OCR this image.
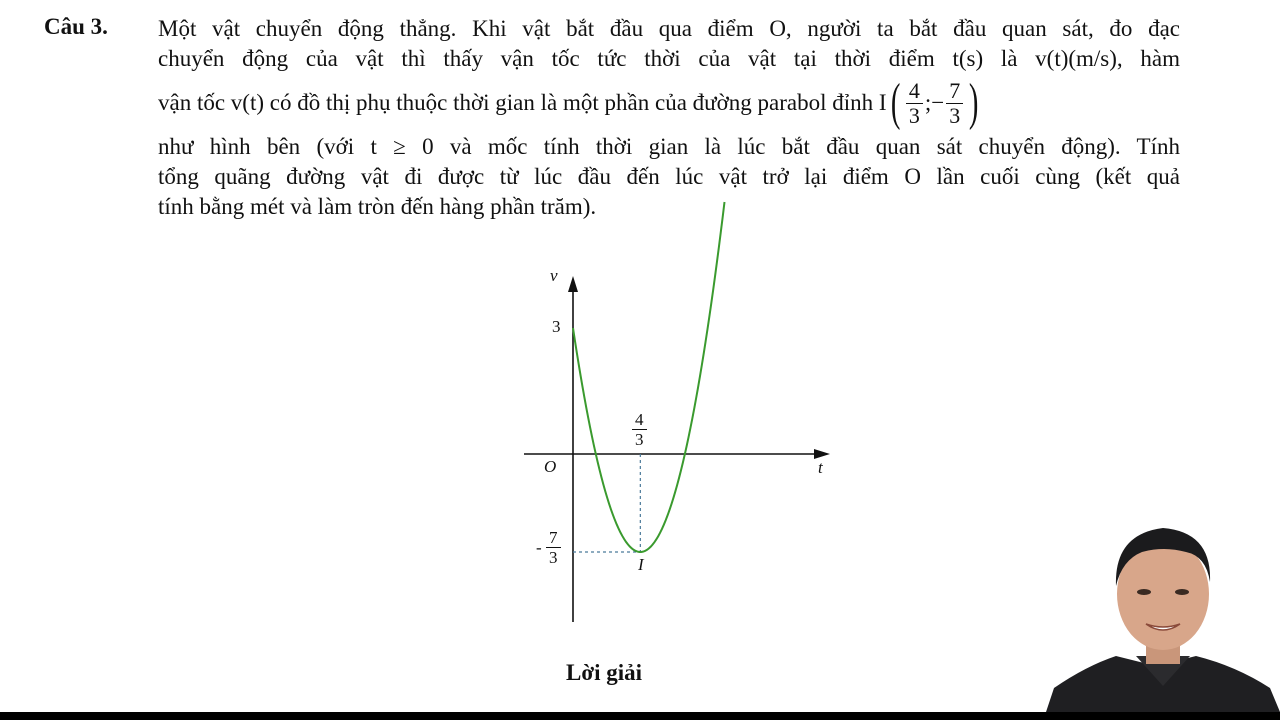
Câu 3. Một vật chuyển động thẳng. Khi vật bắt đầu qua điểm O, người ta bắt đầu quan sát, đo đạc
chuyển động của vật thì thấy vận tốc tức thời của vật tại thời điểm t(s) là v(t)(m/s), hàm
vận tốc v(t) có đồ thị phụ thuộc thời gian là một phần của đường parabol đỉnh I ( $\frac{4}{3}$ ;− $\frac{7}{3}$ )
như hình bên (với t ≥ 0 và mốc tính thời gian là lúc bắt đầu quan sát chuyển động). Tính
tổng quãng đường vật đi được từ lúc đầu đến lúc vật trở lại điểm O lần cuối cùng (kết quả
tính bằng mét và làm tròn đến hàng phần trăm).
v
t
O
3
$\frac{4}{3}$
- $\frac{7}{3}$	I
Lời giải
